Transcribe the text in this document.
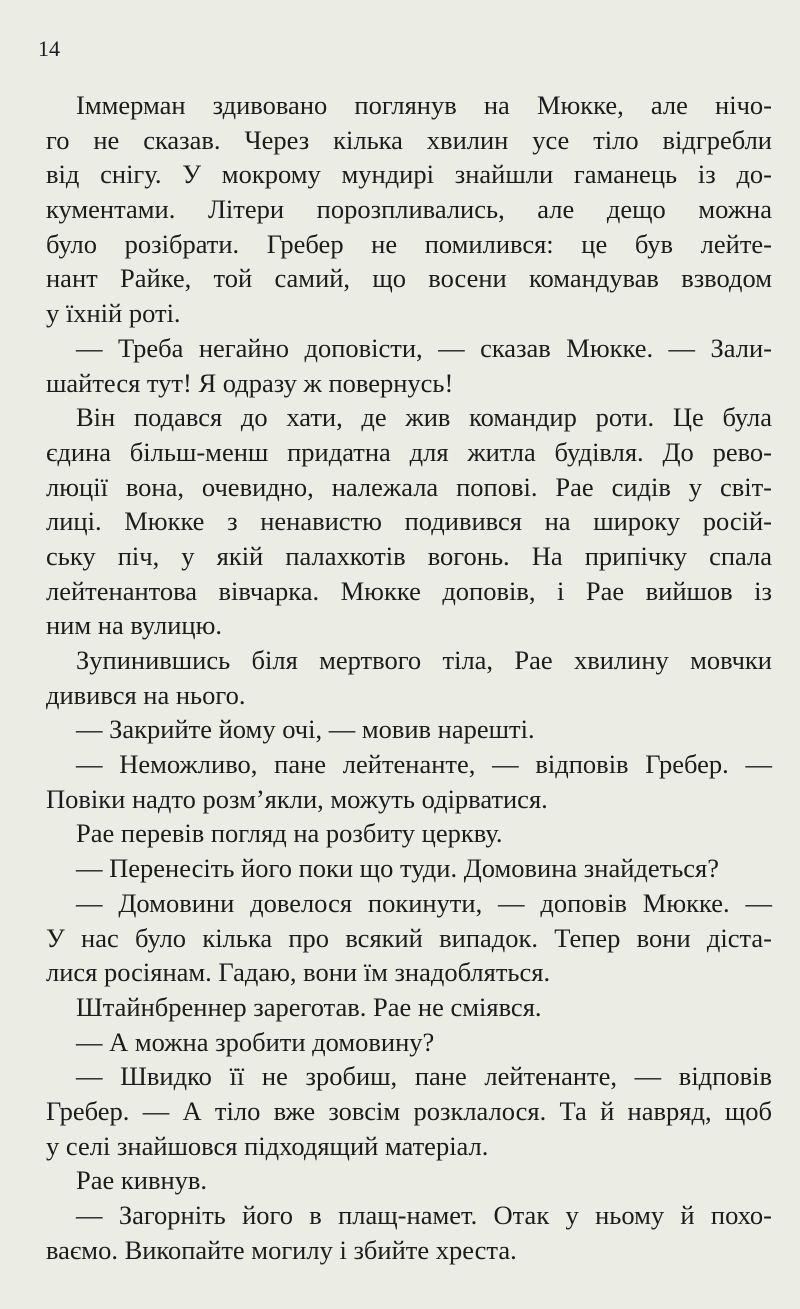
14
Іммерман здивовано поглянув на Мюкке, але нічо-
го не сказав. Через кілька хвилин усе тіло відгребли
від снігу. У мокрому мундирі знайшли гаманець із до-
кументами. Літери порозпливались, але дещо можна
було розібрати. Гребер не помилився: це був лейте-
нант Райке, той самий, що восени командував взводом
у їхній роті.
— Треба негайно доповісти, — сказав Мюкке. — Зали-
шайтеся тут! Я одразу ж повернусь!
Він подався до хати, де жив командир роти. Це була
єдина більш-менш придатна для житла будівля. До рево-
люції вона, очевидно, належала попові. Рае сидів у світ-
лиці. Мюкке з ненавистю подивився на широку росій-
ську піч, у якій палахкотів вогонь. На припічку спала
лейтенантова вівчарка. Мюкке доповів, і Рае вийшов із
ним на вулицю.
Зупинившись біля мертвого тіла, Рае хвилину мовчки
дивився на нього.
— Закрийте йому очі, — мовив нарешті.
— Неможливо, пане лейтенанте, — відповів Гребер. —
Повіки надто розм’якли, можуть одірватися.
Рае перевів погляд на розбиту церкву.
— Перенесіть його поки що туди. Домовина знайдеться?
— Домовини довелося покинути, — доповів Мюкке. —
У нас було кілька про всякий випадок. Тепер вони діста-
лися росіянам. Гадаю, вони їм знадобляться.
Штайнбреннер зареготав. Рае не сміявся.
— А можна зробити домовину?
— Швидко її не зробиш, пане лейтенанте, — відповів
Гребер. — А тіло вже зовсім розклалося. Та й навряд, щоб
у селі знайшовся підходящий матеріал.
Рае кивнув.
— Загорніть його в плащ-намет. Отак у ньому й похо-
ваємо. Викопайте могилу і збийте хреста.
